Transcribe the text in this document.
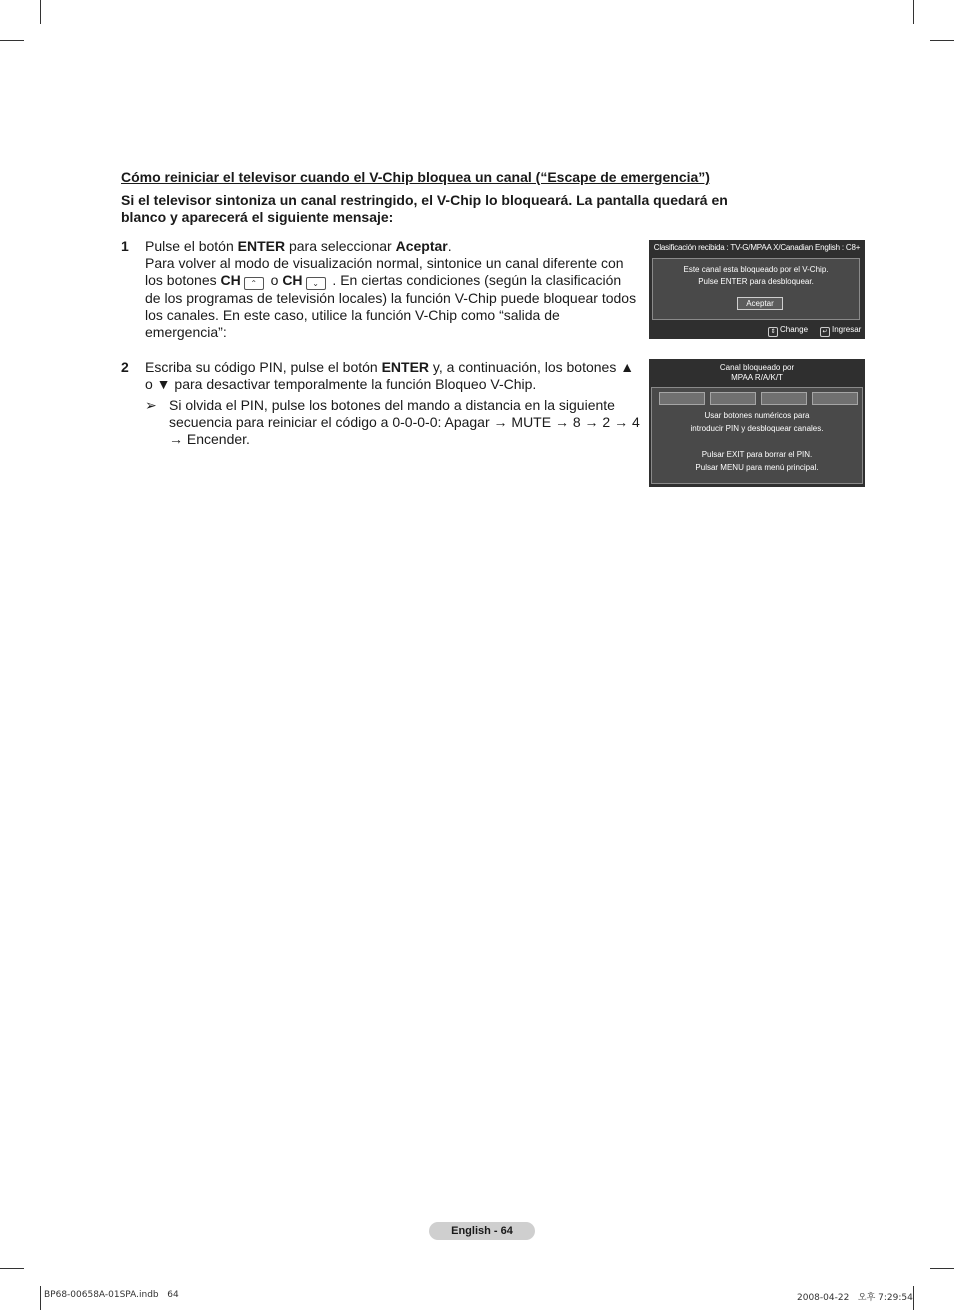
Cómo reiniciar el televisor cuando el V-Chip bloquea un canal (“Escape de emergencia”)
Si el televisor sintoniza un canal restringido, el V-Chip lo bloqueará. La pantalla quedará en blanco y aparecerá el siguiente mensaje:
1 Pulse el botón ENTER para seleccionar Aceptar.
Para volver al modo de visualización normal, sintonice un canal diferente con los botones CH ⌃ o CH ⌄ . En ciertas condiciones (según la clasificación de los programas de televisión locales) la función V-Chip puede bloquear todos los canales. En este caso, utilice la función V-Chip como “salida de emergencia”:
Clasificación recibida : TV-G/MPAA X/Canadian English : C8+
Este canal esta bloqueado por el V-Chip.
Pulse ENTER para desbloquear.
Aceptar
⇕ Change	↵ Ingresar
2 Escriba su código PIN, pulse el botón ENTER y, a continuación, los botones ▲ o ▼ para desactivar temporalmente la función Bloqueo V-Chip.
➢ Si olvida el PIN, pulse los botones del mando a distancia en la siguiente secuencia para reiniciar el código a 0-0-0-0: Apagar → MUTE → 8 → 2 → 4 → Encender.
Canal bloqueado por
MPAA R/A/K/T
Usar botones numéricos para
introducir PIN y desbloquear canales.
Pulsar EXIT para borrar el PIN.
Pulsar MENU para menú principal.
English - 64
BP68-00658A-01SPA.indb   64	2008-04-22   오후 7:29:54
